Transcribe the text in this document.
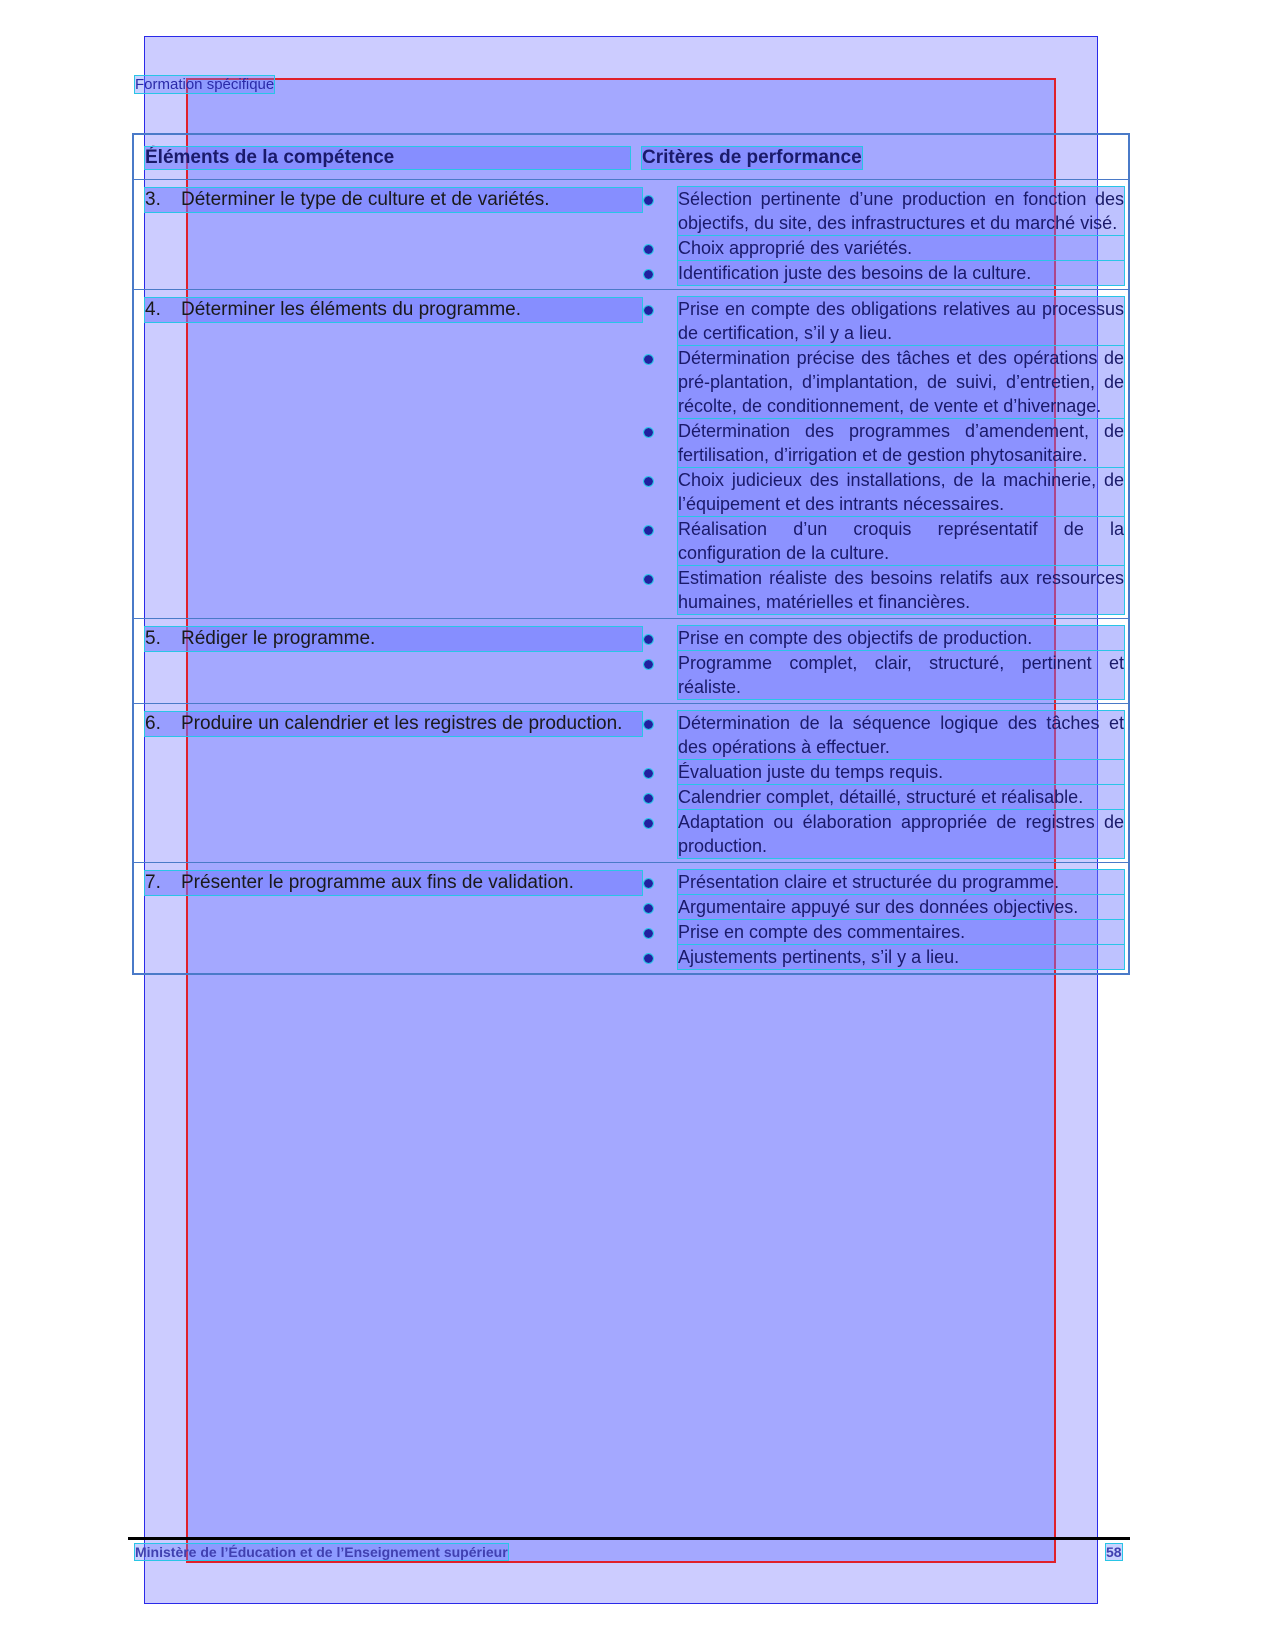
Formation spécifique
Éléments de la compétence	Critères de performance
3.	Déterminer le type de culture et de variétés.	Sélection pertinente d’une production en fonction des objectifs, du site, des infrastructures et du marché visé.
Choix approprié des variétés.
Identification juste des besoins de la culture.
4.	Déterminer les éléments du programme.	Prise en compte des obligations relatives au processus de certification, s’il y a lieu.
Détermination précise des tâches et des opérations de pré-plantation, d’implantation, de suivi, d’entretien, de récolte, de conditionnement, de vente et d’hivernage.
Détermination des programmes d’amendement, de fertilisation, d’irrigation et de gestion phytosanitaire.
Choix judicieux des installations, de la machinerie, de l’équipement et des intrants nécessaires.
Réalisation d’un croquis représentatif de la configuration de la culture.
Estimation réaliste des besoins relatifs aux ressources humaines, matérielles et financières.
5.	Rédiger le programme.	Prise en compte des objectifs de production.
Programme complet, clair, structuré, pertinent et réaliste.
6.	Produire un calendrier et les registres de production.	Détermination de la séquence logique des tâches et des opérations à effectuer.
Évaluation juste du temps requis.
Calendrier complet, détaillé, structuré et réalisable.
Adaptation ou élaboration appropriée de registres de production.
7.	Présenter le programme aux fins de validation.	Présentation claire et structurée du programme.
Argumentaire appuyé sur des données objectives.
Prise en compte des commentaires.
Ajustements pertinents, s’il y a lieu.
Ministère de l’Éducation et de l’Enseignement supérieur	58
